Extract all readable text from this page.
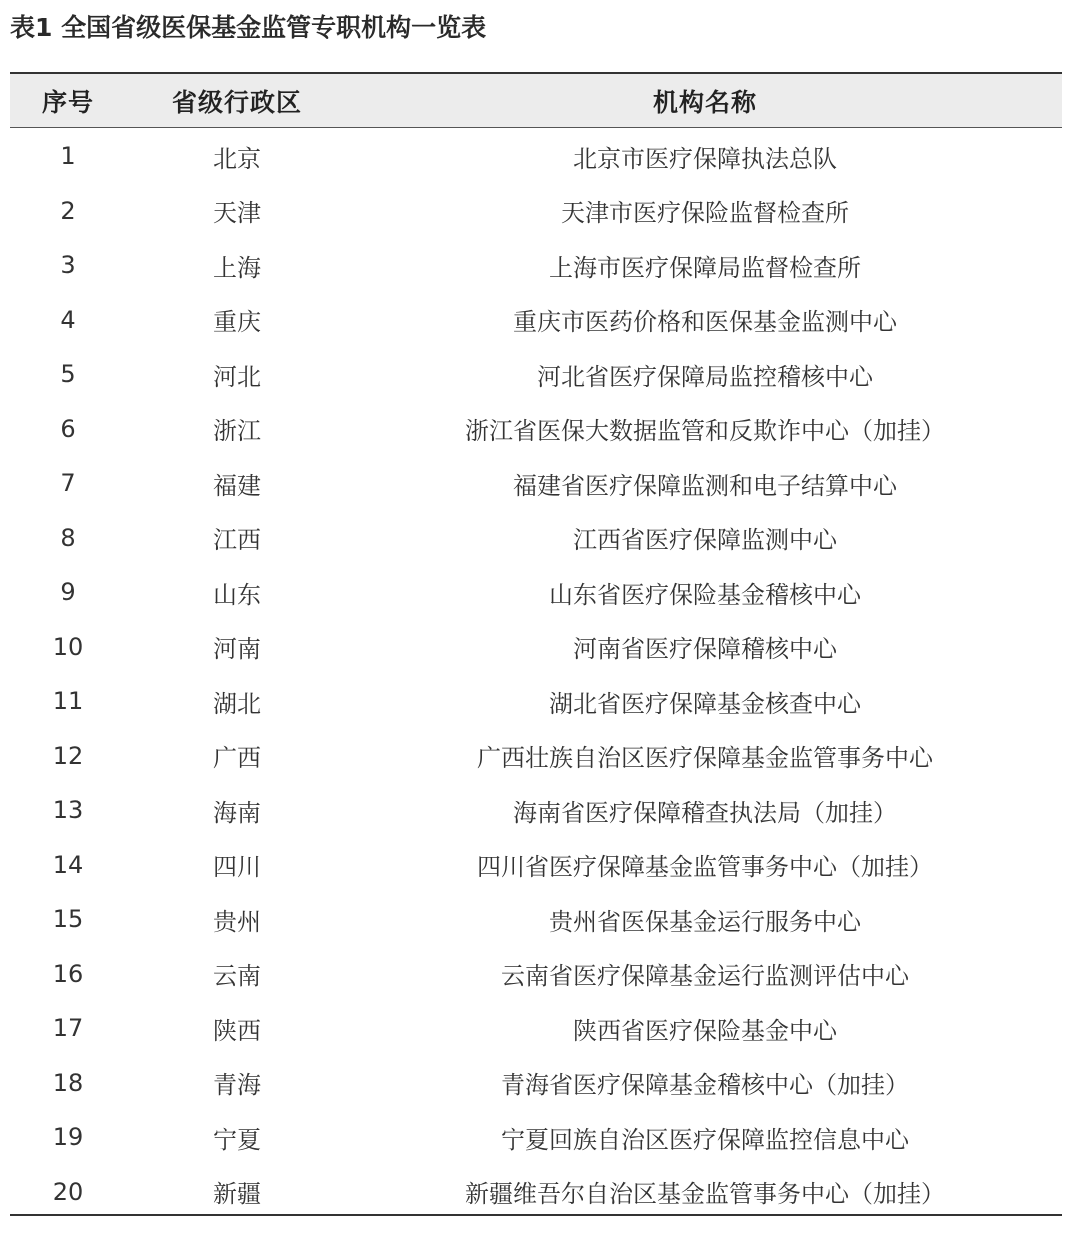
表1 全国省级医保基金监管专职机构一览表
序号	省级行政区	机构名称
1	北京	北京市医疗保障执法总队
2	天津	天津市医疗保险监督检查所
3	上海	上海市医疗保障局监督检查所
4	重庆	重庆市医药价格和医保基金监测中心
5	河北	河北省医疗保障局监控稽核中心
6	浙江	浙江省医保大数据监管和反欺诈中心（加挂）
7	福建	福建省医疗保障监测和电子结算中心
8	江西	江西省医疗保障监测中心
9	山东	山东省医疗保险基金稽核中心
10	河南	河南省医疗保障稽核中心
11	湖北	湖北省医疗保障基金核查中心
12	广西	广西壮族自治区医疗保障基金监管事务中心
13	海南	海南省医疗保障稽查执法局（加挂）
14	四川	四川省医疗保障基金监管事务中心（加挂）
15	贵州	贵州省医保基金运行服务中心
16	云南	云南省医疗保障基金运行监测评估中心
17	陕西	陕西省医疗保险基金中心
18	青海	青海省医疗保障基金稽核中心（加挂）
19	宁夏	宁夏回族自治区医疗保障监控信息中心
20	新疆	新疆维吾尔自治区基金监管事务中心（加挂）
